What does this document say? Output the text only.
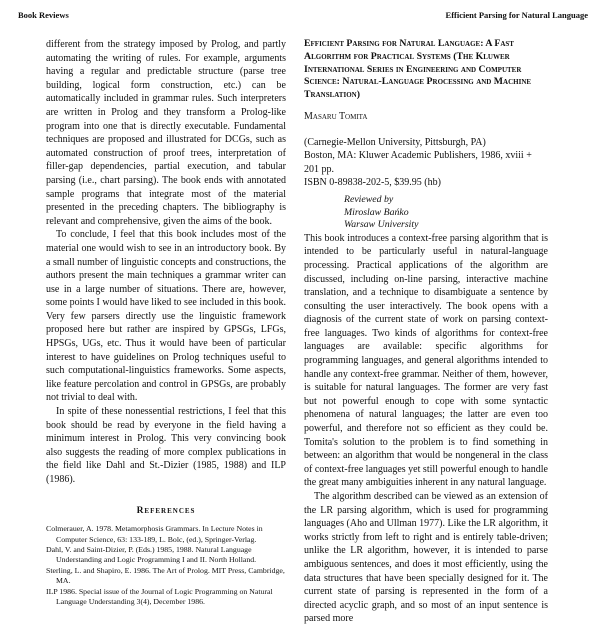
Book Reviews	Efficient Parsing for Natural Language

different from the strategy imposed by Prolog, and partly automating the writing of rules. For example, arguments having a regular and predictable structure (parse tree building, logical form construction, etc.) can be automatically included in grammar rules. Such interpreters are written in Prolog and they transform a Prolog-like program into one that is directly executable. Fundamental techniques are proposed and illustrated for DCGs, such as automated construction of proof trees, interpretation of filler-gap dependencies, partial execution, and tabular parsing (i.e., chart parsing). The book ends with annotated sample programs that integrate most of the material presented in the preceding chapters. The bibliography is relevant and comprehensive, given the aims of the book.

To conclude, I feel that this book includes most of the material one would wish to see in an introductory book. By a small number of linguistic concepts and constructions, the authors present the main techniques a grammar writer can use in a large number of situations. There are, however, some points I would have liked to see included in this book. Very few parsers directly use the linguistic framework proposed here but rather are inspired by GPSGs, LFGs, HPSGs, UGs, etc. Thus it would have been of particular interest to have guidelines on Prolog techniques useful to such computational-linguistics frameworks. Some aspects, like feature percolation and control in GPSGs, are probably not trivial to deal with.

In spite of these nonessential restrictions, I feel that this book should be read by everyone in the field having a minimum interest in Prolog. This very convincing book also suggests the reading of more complex publications in the field like Dahl and St.-Dizier (1985, 1988) and ILP (1986).

References

Colmerauer, A. 1978. Metamorphosis Grammars. In Lecture Notes in Computer Science, 63: 133-189, L. Bolc, (ed.), Springer-Verlag.

Dahl, V. and Saint-Dizier, P. (Eds.) 1985, 1988. Natural Language Understanding and Logic Programming I and II. North Holland.

Sterling, L. and Shapiro, E. 1986. The Art of Prolog. MIT Press, Cambridge, MA.

ILP 1986. Special issue of the Journal of Logic Programming on Natural Language Understanding 3(4), December 1986.

Efficient Parsing for Natural Language: A Fast Algorithm for Practical Systems (The Kluwer International Series in Engineering and Computer Science: Natural-Language Processing and Machine Translation)
Masaru Tomita
(Carnegie-Mellon University, Pittsburgh, PA)
Boston, MA: Kluwer Academic Publishers, 1986, xviii + 201 pp.
ISBN 0-89838-202-5, $39.95 (hb)
Reviewed by
Miroslaw Bańko
Warsaw University

This book introduces a context-free parsing algorithm that is intended to be particularly useful in natural-language processing. Practical applications of the algorithm are discussed, including on-line parsing, interactive machine translation, and a technique to disambiguate a sentence by consulting the user interactively. The book opens with a diagnosis of the current state of work on parsing context-free languages. Two kinds of algorithms for context-free languages are available: specific algorithms for programming languages, and general algorithms intended to handle any context-free grammar. Neither of them, however, is suitable for natural languages. The former are very fast but not powerful enough to cope with some syntactic phenomena of natural languages; the latter are even too powerful, and therefore not so efficient as they could be. Tomita's solution to the problem is to find something in between: an algorithm that would be nongeneral in the class of context-free languages yet still powerful enough to handle the great many ambiguities inherent in any natural language.

The algorithm described can be viewed as an extension of the LR parsing algorithm, which is used for programming languages (Aho and Ullman 1977). Like the LR algorithm, it works strictly from left to right and is entirely table-driven; unlike the LR algorithm, however, it is intended to parse ambiguous sentences, and does it most efficiently, using the data structures that have been specially designed for it. The current state of parsing is represented in the form of a directed acyclic graph, and so most of an input sentence is parsed more
